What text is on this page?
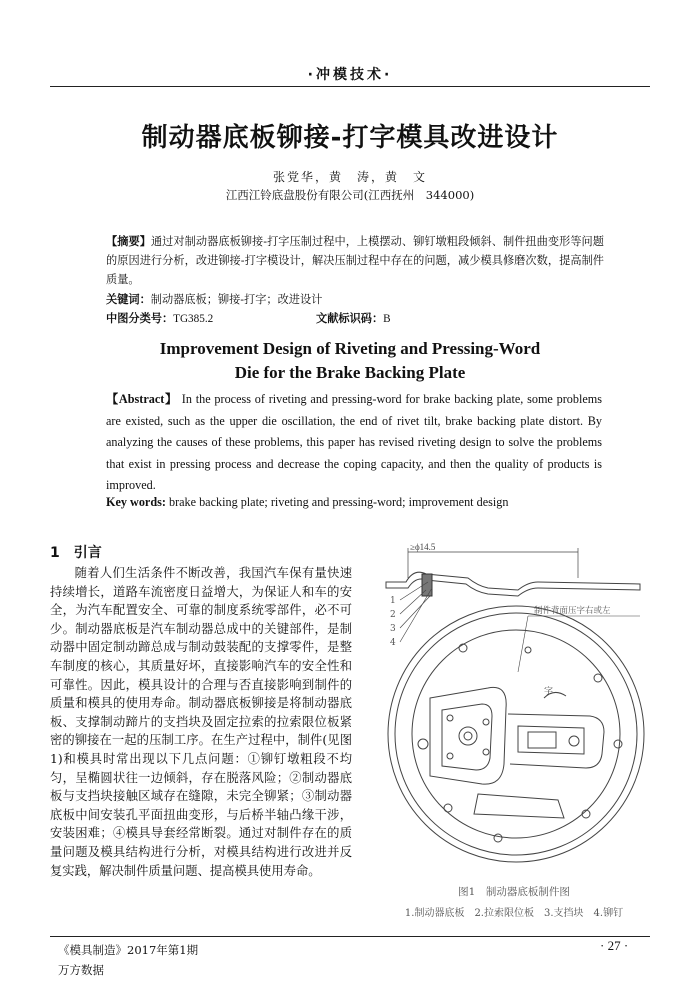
·冲模技术·
制动器底板铆接-打字模具改进设计
张党华，黄　涛，黄　文
江西江铃底盘股份有限公司(江西抚州　344000)
【摘要】通过对制动器底板铆接-打字压制过程中，上模摆动、铆钉墩粗段倾斜、制件扭曲变形等问题的原因进行分析，改进铆接-打字模设计，解决压制过程中存在的问题，减少模具修磨次数，提高制件质量。
关键词：制动器底板；铆接-打字；改进设计
中图分类号：TG385.2	文献标识码：B
Improvement Design of Riveting and Pressing-Word
Die for the Brake Backing Plate
【Abstract】 In the process of riveting and pressing-word for brake backing plate, some problems are existed, such as the upper die oscillation, the end of rivet tilt, brake backing plate distort. By analyzing the causes of these problems, this paper has revised riveting design to solve the problems that exist in pressing process and decrease the coping capacity, and then the quality of products is improved.
Key words: brake backing plate; riveting and pressing-word; improvement design
1　引言
随着人们生活条件不断改善，我国汽车保有量快速持续增长，道路车流密度日益增大，为保证人和车的安全，为汽车配置安全、可靠的制度系统零部件，必不可少。制动器底板是汽车制动器总成中的关键部件，是制动器中固定制动蹄总成与制动鼓装配的支撑零件，是整车制度的核心，其质量好坏，直接影响汽车的安全性和可靠性。因此，模具设计的合理与否直接影响到制件的质量和模具的使用寿命。制动器底板铆接是将制动器底板、支撑制动蹄片的支挡块及固定拉索的拉索限位板紧密的铆接在一起的压制工序。在生产过程中，制件(见图1)和模具时常出现以下几点问题：①铆钉墩粗段不均匀，呈椭圆状往一边倾斜，存在脱落风险；②制动器底板与支挡块接触区域存在缝隙，未完全铆紧；③制动器底板中间安装孔平面扭曲变形，与后桥半轴凸缘干涉，安装困难；④模具导套经常断裂。通过对制件存在的质量问题及模具结构进行分析，对模具结构进行改进并反复实践，解决制件质量问题、提高模具使用寿命。
字
≥ϕ14.5
1
2
3
4
制件背面压字右或左
图1　制动器底板制件图
1.制动器底板　2.拉索限位板　3.支挡块　4.铆钉
《模具制造》2017年第1期
万方数据
· 27 ·
